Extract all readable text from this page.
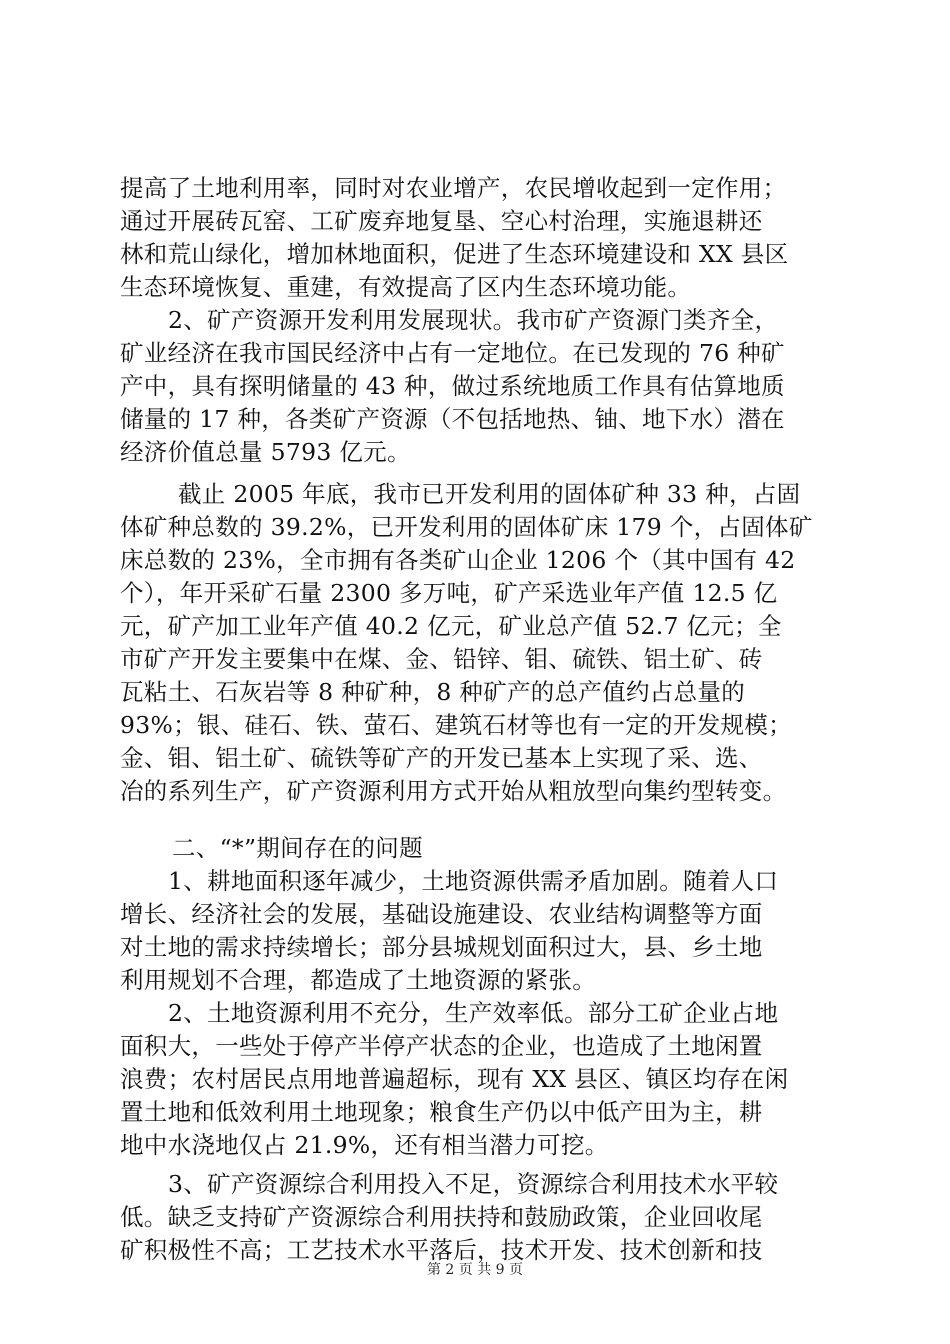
提高了土地利用率，同时对农业增产，农民增收起到一定作用；
通过开展砖瓦窑、工矿废弃地复垦、空心村治理，实施退耕还
林和荒山绿化，增加林地面积，促进了生态环境建设和 XX 县区
生态环境恢复、重建，有效提高了区内生态环境功能。
2、矿产资源开发利用发展现状。我市矿产资源门类齐全，
矿业经济在我市国民经济中占有一定地位。在已发现的 76 种矿
产中，具有探明储量的 43 种，做过系统地质工作具有估算地质
储量的 17 种，各类矿产资源（不包括地热、铀、地下水）潜在
经济价值总量 5793 亿元。
截止 2005 年底，我市已开发利用的固体矿种 33 种，占固
体矿种总数的 39.2%，已开发利用的固体矿床 179 个，占固体矿
床总数的 23%，全市拥有各类矿山企业 1206 个（其中国有 42
个），年开采矿石量 2300 多万吨，矿产采选业年产值 12.5 亿
元，矿产加工业年产值 40.2 亿元，矿业总产值 52.7 亿元；全
市矿产开发主要集中在煤、金、铅锌、钼、硫铁、铝土矿、砖
瓦粘土、石灰岩等 8 种矿种，8 种矿产的总产值约占总量的
93%；银、硅石、铁、萤石、建筑石材等也有一定的开发规模；
金、钼、铝土矿、硫铁等矿产的开发已基本上实现了采、选、
冶的系列生产，矿产资源利用方式开始从粗放型向集约型转变。
二、“*”期间存在的问题
1、耕地面积逐年减少，土地资源供需矛盾加剧。随着人口
增长、经济社会的发展，基础设施建设、农业结构调整等方面
对土地的需求持续增长；部分县城规划面积过大，县、乡土地
利用规划不合理，都造成了土地资源的紧张。
2、土地资源利用不充分，生产效率低。部分工矿企业占地
面积大，一些处于停产半停产状态的企业，也造成了土地闲置
浪费；农村居民点用地普遍超标，现有 XX 县区、镇区均存在闲
置土地和低效利用土地现象；粮食生产仍以中低产田为主，耕
地中水浇地仅占 21.9%，还有相当潜力可挖。
3、矿产资源综合利用投入不足，资源综合利用技术水平较
低。缺乏支持矿产资源综合利用扶持和鼓励政策，企业回收尾
矿积极性不高；工艺技术水平落后，技术开发、技术创新和技
第 2 页 共 9 页
